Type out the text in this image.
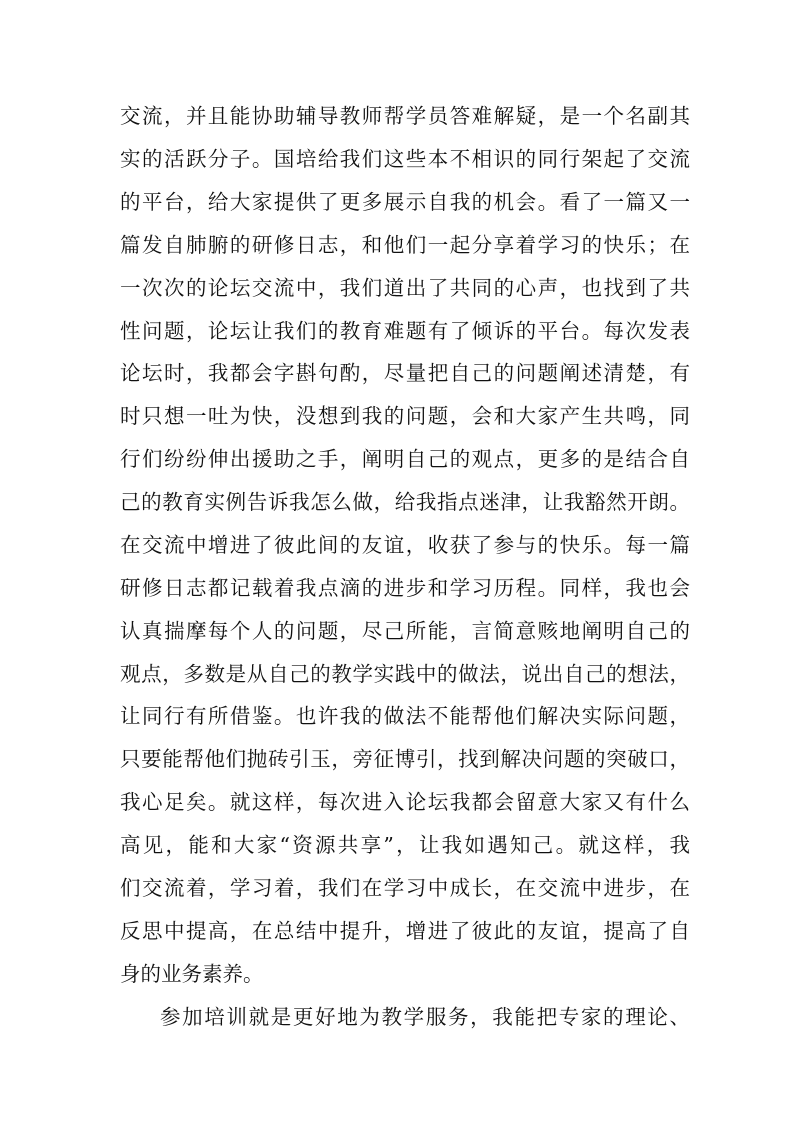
交流，并且能协助辅导教师帮学员答难解疑，是一个名副其
实的活跃分子。国培给我们这些本不相识的同行架起了交流
的平台，给大家提供了更多展示自我的机会。看了一篇又一
篇发自肺腑的研修日志，和他们一起分享着学习的快乐；在
一次次的论坛交流中，我们道出了共同的心声，也找到了共
性问题，论坛让我们的教育难题有了倾诉的平台。每次发表
论坛时，我都会字斟句酌，尽量把自己的问题阐述清楚，有
时只想一吐为快，没想到我的问题，会和大家产生共鸣，同
行们纷纷伸出援助之手，阐明自己的观点，更多的是结合自
己的教育实例告诉我怎么做，给我指点迷津，让我豁然开朗。
在交流中增进了彼此间的友谊，收获了参与的快乐。每一篇
研修日志都记载着我点滴的进步和学习历程。同样，我也会
认真揣摩每个人的问题，尽己所能，言简意赅地阐明自己的
观点，多数是从自己的教学实践中的做法，说出自己的想法，
让同行有所借鉴。也许我的做法不能帮他们解决实际问题，
只要能帮他们抛砖引玉，旁征博引，找到解决问题的突破口，
我心足矣。就这样，每次进入论坛我都会留意大家又有什么
高见，能和大家“资源共享”，让我如遇知己。就这样，我
们交流着，学习着，我们在学习中成长，在交流中进步，在
反思中提高，在总结中提升，增进了彼此的友谊，提高了自
身的业务素养。
参加培训就是更好地为教学服务，我能把专家的理论、
